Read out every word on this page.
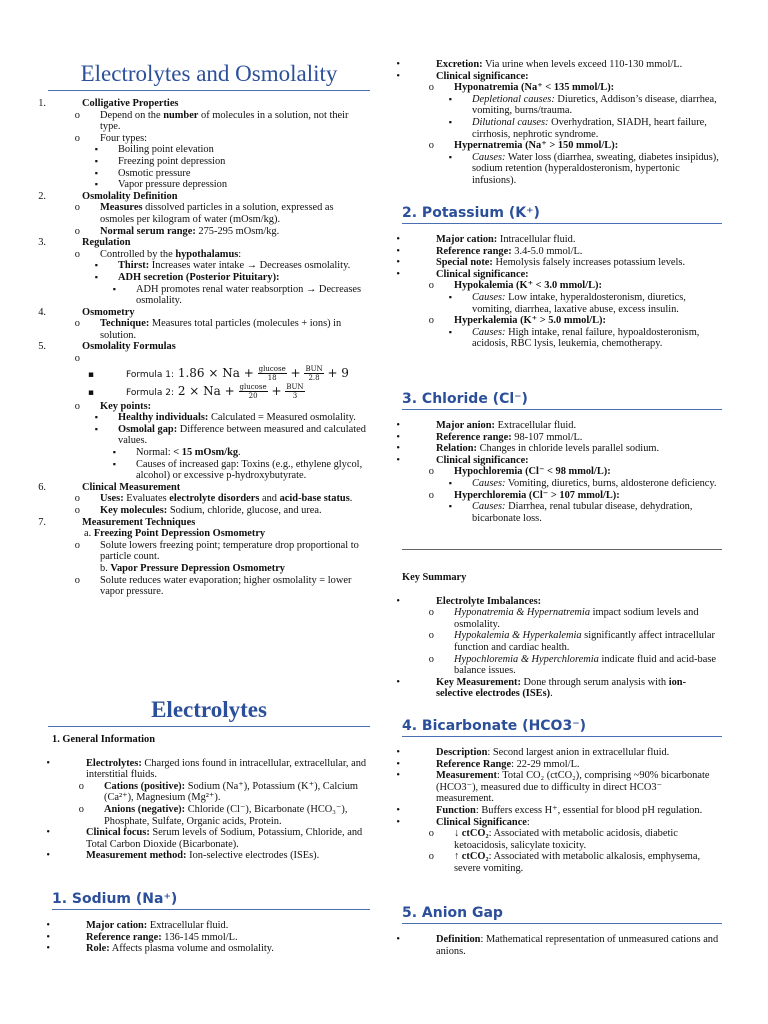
Electrolytes and Osmolality
1.	Colligative Properties
o
Depend on the number of molecules in a solution, not their type.
o
Four types:
▪
Boiling point elevation
▪
Freezing point depression
▪
Osmotic pressure
▪
Vapor pressure depression
2.	Osmolality Definition
o
Measures dissolved particles in a solution, expressed as osmoles per kilogram of water (mOsm/kg).
o
Normal serum range: 275-295 mOsm/kg.
3.	Regulation
o
Controlled by the hypothalamus:
▪
Thirst: Increases water intake → Decreases osmolality.
▪
ADH secretion (Posterior Pituitary):
▪
ADH promotes renal water reabsorption → Decreases osmolality.
4.	Osmometry
o
Technique: Measures total particles (molecules + ions) in solution.
5.	Osmolality Formulas
o

▪
Formula 1: $1.86 \times Na + \frac{\text{glucose}}{18} + \frac{\text{BUN}}{2.8} + 9$
▪
Formula 2: $2 \times Na + \frac{\text{glucose}}{20} + \frac{\text{BUN}}{3}$
o
Key points:
▪
Healthy individuals: Calculated = Measured osmolality.
▪
Osmolal gap: Difference between measured and calculated values.
▪
Normal: < 15 mOsm/kg.
▪
Causes of increased gap: Toxins (e.g., ethylene glycol, alcohol) or excessive p-hydroxybutyrate.
6.	Clinical Measurement
o
Uses: Evaluates electrolyte disorders and acid-base status.
o
Key molecules: Sodium, chloride, glucose, and urea.
7.	Measurement Techniques
a. Freezing Point Depression Osmometry
o
Solute lowers freezing point; temperature drop proportional to particle count.
b. Vapor Pressure Depression Osmometry
o
Solute reduces water evaporation; higher osmolality = lower vapor pressure.
Electrolytes
1. General Information
•
Electrolytes: Charged ions found in intracellular, extracellular, and interstitial fluids.
o
Cations (positive): Sodium (Na⁺), Potassium (K⁺), Calcium (Ca²⁺), Magnesium (Mg²⁺).
o
Anions (negative): Chloride (Cl⁻), Bicarbonate (HCO₃⁻), Phosphate, Sulfate, Organic acids, Protein.
•
Clinical focus: Serum levels of Sodium, Potassium, Chloride, and Total Carbon Dioxide (Bicarbonate).
•
Measurement method: Ion-selective electrodes (ISEs).
1. Sodium (Na⁺)
•
Major cation: Extracellular fluid.
•
Reference range: 136-145 mmol/L.
•
Role: Affects plasma volume and osmolality.
•
Excretion: Via urine when levels exceed 110-130 mmol/L.
•
Clinical significance:
o
Hyponatremia (Na⁺ < 135 mmol/L):
▪
Depletional causes: Diuretics, Addison’s disease, diarrhea, vomiting, burns/trauma.
▪
Dilutional causes: Overhydration, SIADH, heart failure, cirrhosis, nephrotic syndrome.
o
Hypernatremia (Na⁺ > 150 mmol/L):
▪
Causes: Water loss (diarrhea, sweating, diabetes insipidus), sodium retention (hyperaldosteronism, hypertonic infusions).
2. Potassium (K⁺)
•
Major cation: Intracellular fluid.
•
Reference range: 3.4-5.0 mmol/L.
•
Special note: Hemolysis falsely increases potassium levels.
•
Clinical significance:
o
Hypokalemia (K⁺ < 3.0 mmol/L):
▪
Causes: Low intake, hyperaldosteronism, diuretics, vomiting, diarrhea, laxative abuse, excess insulin.
o
Hyperkalemia (K⁺ > 5.0 mmol/L):
▪
Causes: High intake, renal failure, hypoaldosteronism, acidosis, RBC lysis, leukemia, chemotherapy.
3. Chloride (Cl⁻)
•
Major anion: Extracellular fluid.
•
Reference range: 98-107 mmol/L.
•
Relation: Changes in chloride levels parallel sodium.
•
Clinical significance:
o
Hypochloremia (Cl⁻ < 98 mmol/L):
▪
Causes: Vomiting, diuretics, burns, aldosterone deficiency.
o
Hyperchloremia (Cl⁻ > 107 mmol/L):
▪
Causes: Diarrhea, renal tubular disease, dehydration, bicarbonate loss.
Key Summary
•
Electrolyte Imbalances:
o
Hyponatremia & Hypernatremia impact sodium levels and osmolality.
o
Hypokalemia & Hyperkalemia significantly affect intracellular function and cardiac health.
o
Hypochloremia & Hyperchloremia indicate fluid and acid-base balance issues.
•
Key Measurement: Done through serum analysis with ion-selective electrodes (ISEs).
4. Bicarbonate (HCO3⁻)
•
Description: Second largest anion in extracellular fluid.
•
Reference Range: 22-29 mmol/L.
•
Measurement: Total CO₂ (ctCO₂), comprising ~90% bicarbonate (HCO3⁻), measured due to difficulty in direct HCO3⁻ measurement.
•
Function: Buffers excess H⁺, essential for blood pH regulation.
•
Clinical Significance:
o
↓ ctCO₂: Associated with metabolic acidosis, diabetic ketoacidosis, salicylate toxicity.
o
↑ ctCO₂: Associated with metabolic alkalosis, emphysema, severe vomiting.
5. Anion Gap
•
Definition: Mathematical representation of unmeasured cations and anions.
